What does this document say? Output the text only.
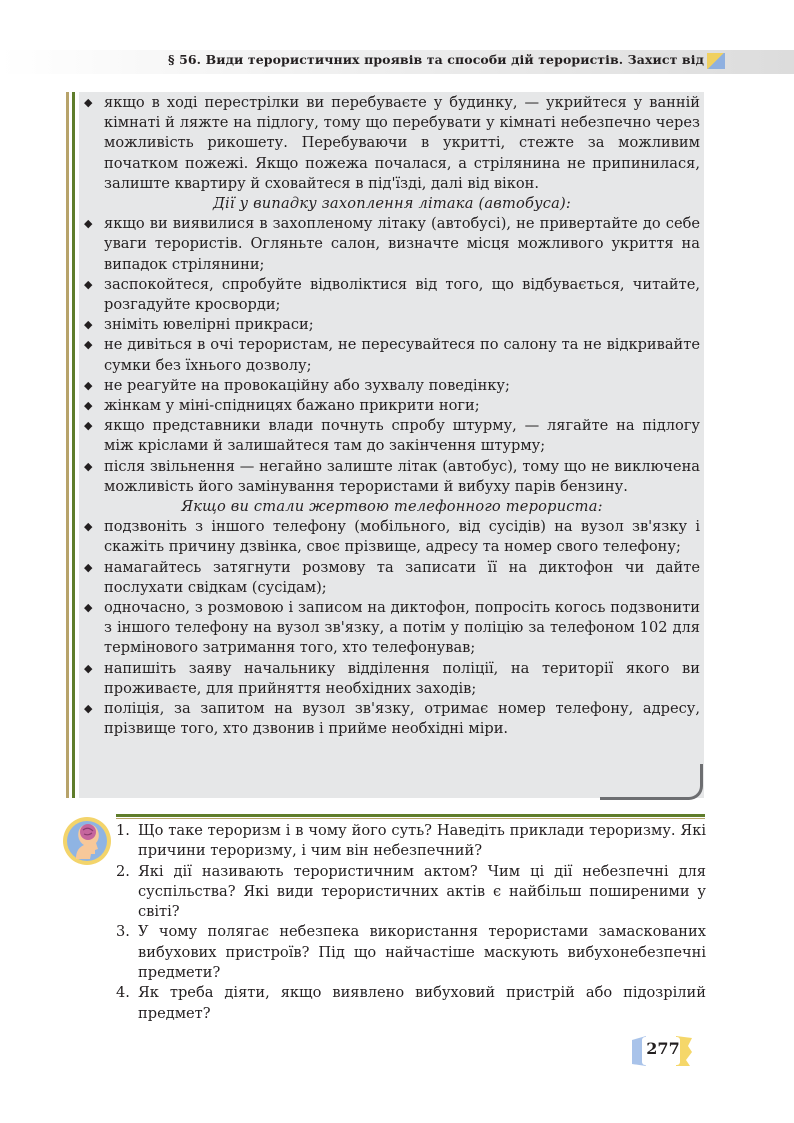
§ 56. Види терористичних проявів та способи дій терористів. Захист від
◆ якщо в ході перестрілки ви перебуваєте у будинку, — укрийтеся у ванній кімнаті й ляжте на підлогу, тому що перебувати у кімнаті небезпечно через можливість рикошету. Перебуваючи в укритті, стежте за можливим початком пожежі. Якщо пожежа почалася, а стрілянина не припинилася, залиште квартиру й сховайтеся в під'їзді, далі від вікон.
Дії у випадку захоплення літака (автобуса):
◆ якщо ви виявилися в захопленому літаку (автобусі), не привертайте до себе уваги терористів. Огляньте салон, визначте місця можливого укриття на випадок стрілянини;
◆ заспокойтеся, спробуйте відволіктися від того, що відбувається, читайте, розгадуйте кросворди;
◆ зніміть ювелірні прикраси;
◆ не дивіться в очі терористам, не пересувайтеся по салону та не відкривайте сумки без їхнього дозволу;
◆ не реагуйте на провокаційну або зухвалу поведінку;
◆ жінкам у міні-спідницях бажано прикрити ноги;
◆ якщо представники влади почнуть спробу штурму, — лягайте на підлогу між кріслами й залишайтеся там до закінчення штурму;
◆ після звільнення — негайно залиште літак (автобус), тому що не виключена можливість його замінування терористами й вибуху парів бензину.
Якщо ви стали жертвою телефонного терориста:
◆ подзвоніть з іншого телефону (мобільного, від сусідів) на вузол зв'язку і скажіть причину дзвінка, своє прізвище, адресу та номер свого телефону;
◆ намагайтесь затягнути розмову та записати її на диктофон чи дайте послухати свідкам (сусідам);
◆ одночасно, з розмовою і записом на диктофон, попросіть когось подзвонити з іншого телефону на вузол зв'язку, а потім у поліцію за телефоном 102 для термінового затримання того, хто телефонував;
◆ напишіть заяву начальнику відділення поліції, на території якого ви проживаєте, для прийняття необхідних заходів;
◆ поліція, за запитом на вузол зв'язку, отримає номер телефону, адресу, прізвище того, хто дзвонив і прийме необхідні міри.
1. Що таке тероризм і в чому його суть? Наведіть приклади тероризму. Які причини тероризму, і чим він небезпечний?
2. Які дії називають терористичним актом? Чим ці дії небезпечні для суспільства? Які види терористичних актів є найбільш поширеними у світі?
3. У чому полягає небезпека використання терористами замаскованих вибухових пристроїв? Під що найчастіше маскують вибухонебезпечні предмети?
4. Як треба діяти, якщо виявлено вибуховий пристрій або підозрілий предмет?
277
